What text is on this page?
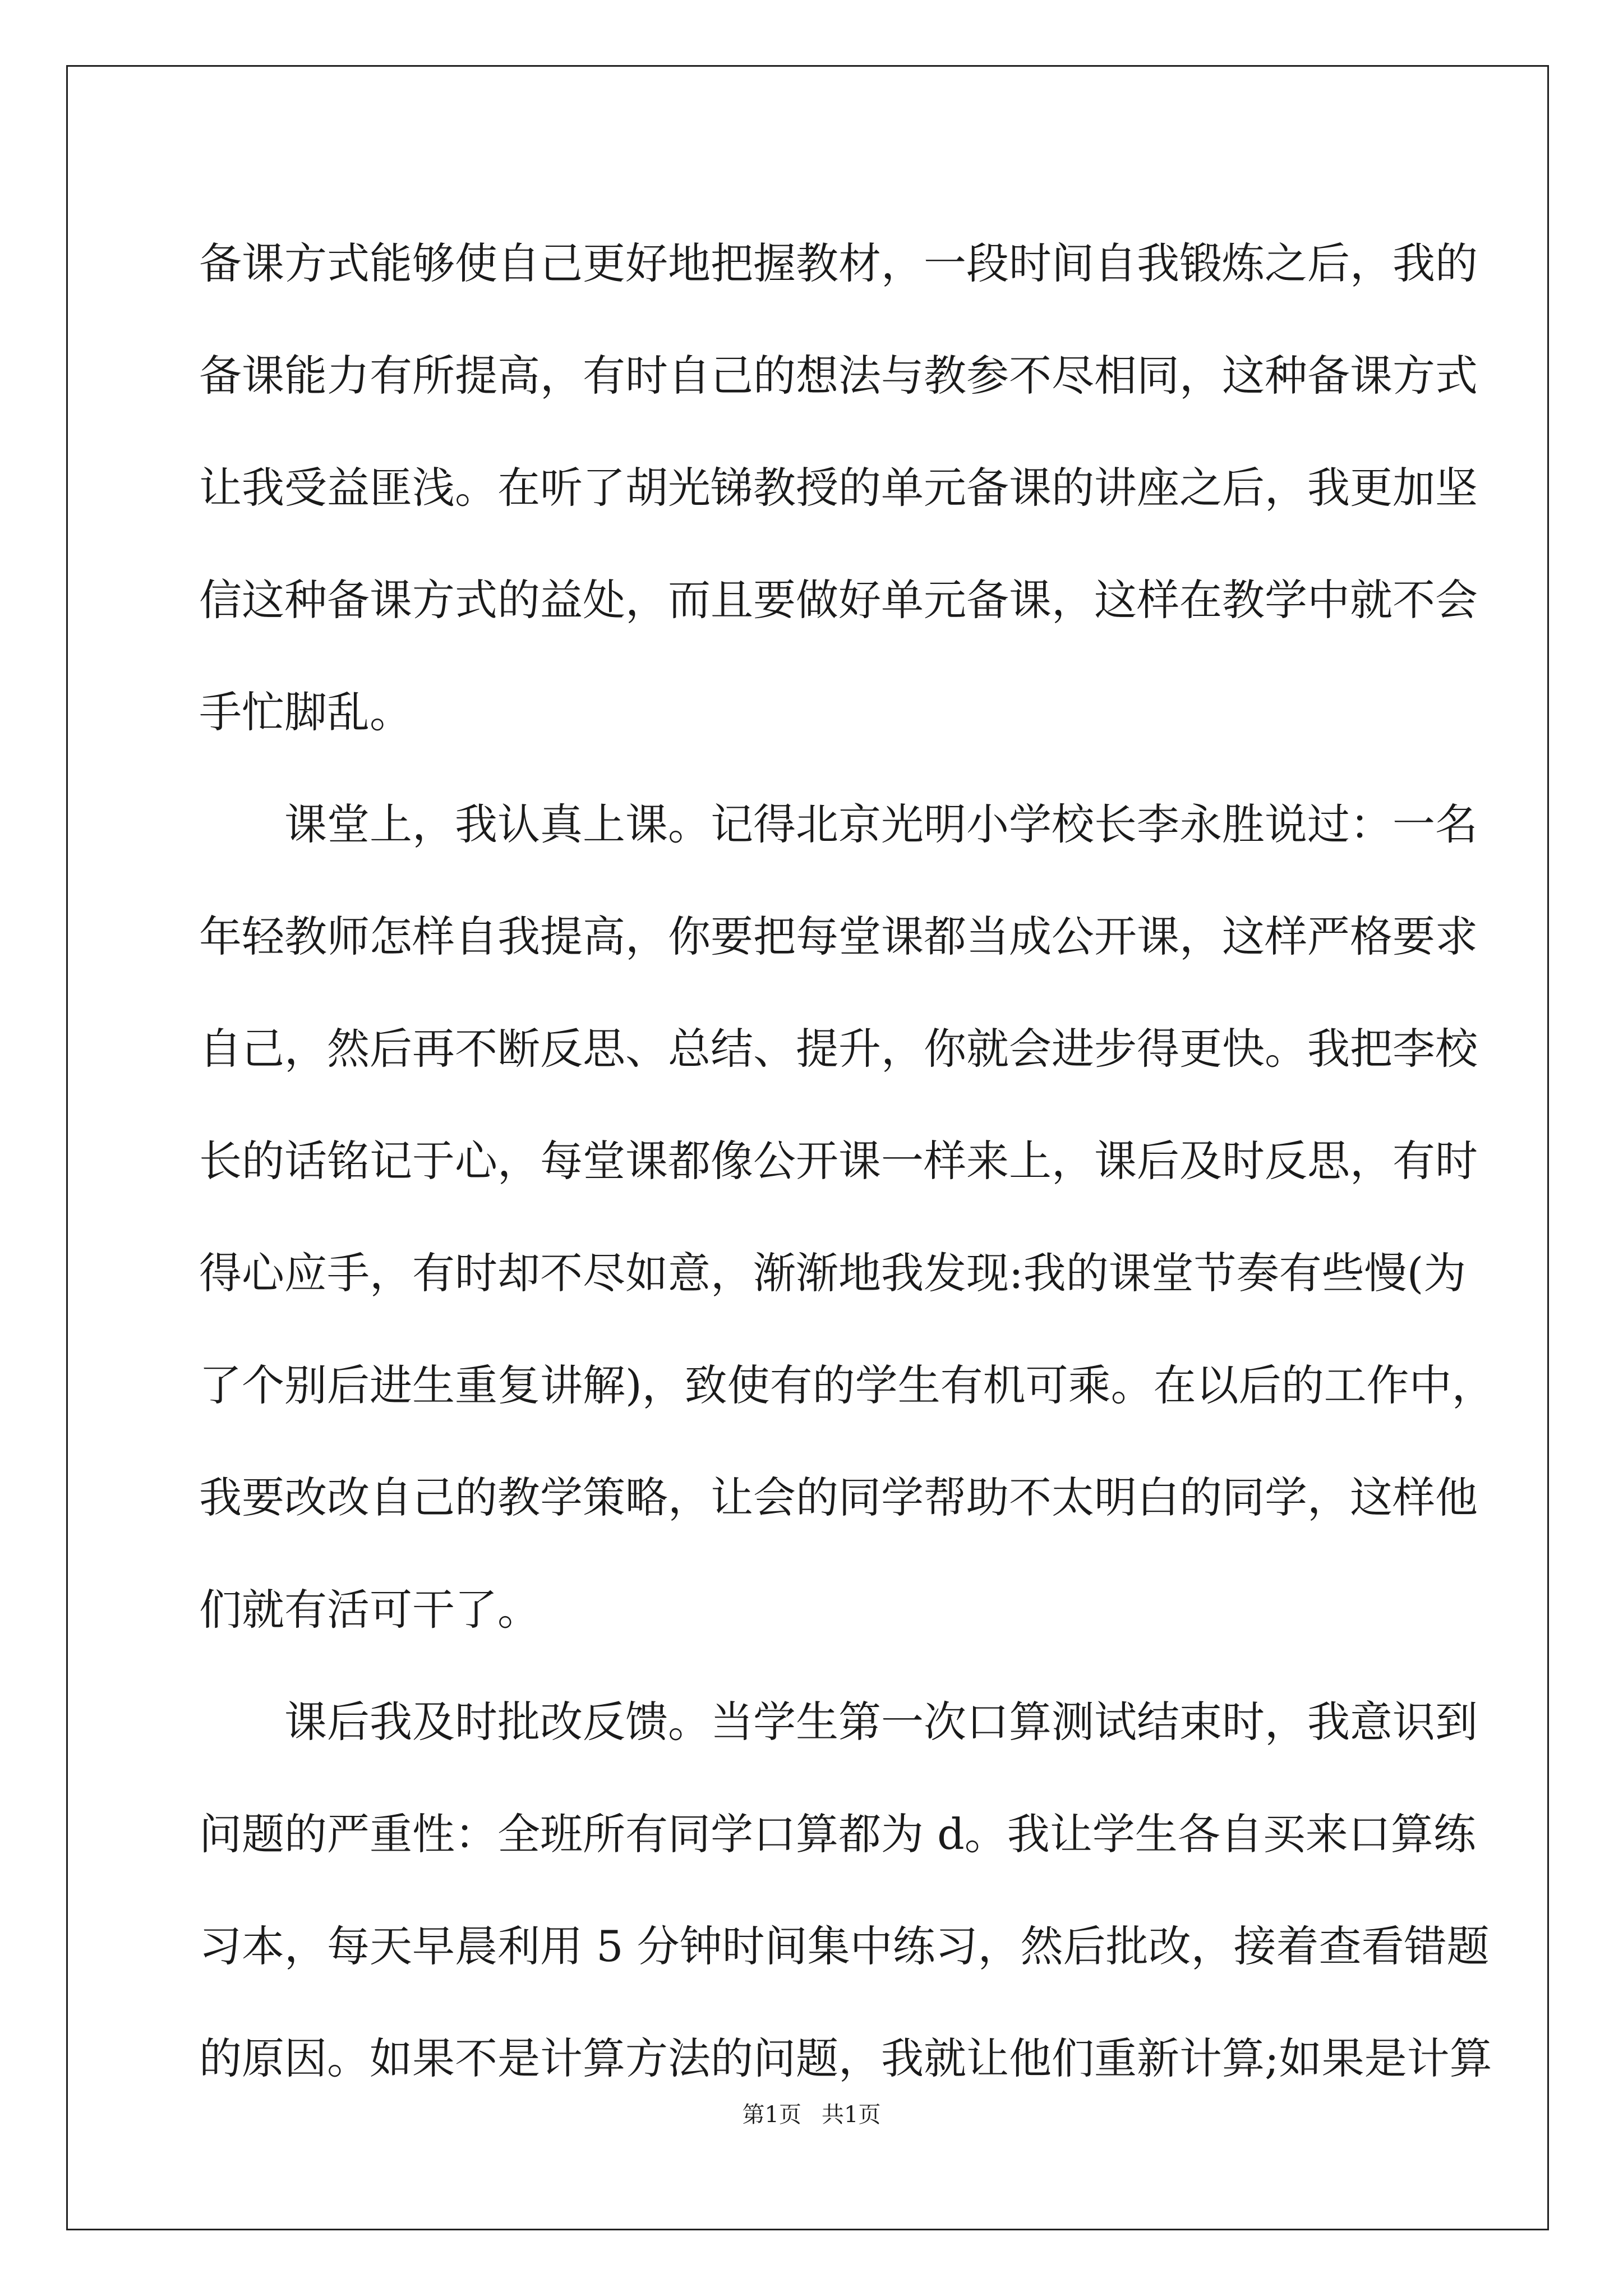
备课方式能够使自己更好地把握教材，一段时间自我锻炼之后，我的
备课能力有所提高，有时自己的想法与教参不尽相同，这种备课方式
让我受益匪浅。在听了胡光锑教授的单元备课的讲座之后，我更加坚
信这种备课方式的益处，而且要做好单元备课，这样在教学中就不会
手忙脚乱。
课堂上，我认真上课。记得北京光明小学校长李永胜说过：一名
年轻教师怎样自我提高，你要把每堂课都当成公开课，这样严格要求
自己，然后再不断反思、总结、提升，你就会进步得更快。我把李校
长的话铭记于心，每堂课都像公开课一样来上，课后及时反思，有时
得心应手，有时却不尽如意，渐渐地我发现:我的课堂节奏有些慢(为
了个别后进生重复讲解)，致使有的学生有机可乘。在以后的工作中，
我要改改自己的教学策略，让会的同学帮助不太明白的同学，这样他
们就有活可干了。
课后我及时批改反馈。当学生第一次口算测试结束时，我意识到
问题的严重性：全班所有同学口算都为 d。我让学生各自买来口算练
习本，每天早晨利用 5 分钟时间集中练习，然后批改，接着查看错题
的原因。如果不是计算方法的问题，我就让他们重新计算;如果是计算
第1页 共1页
